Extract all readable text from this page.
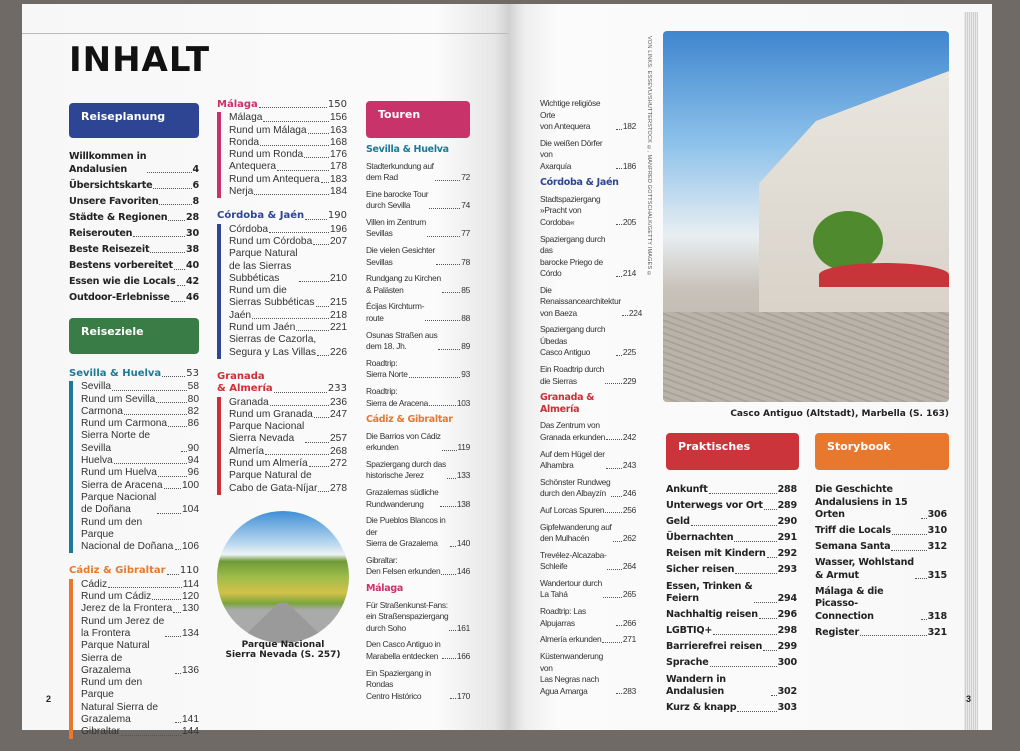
INHALT
Reiseplanung
Willkommen in
Andalusien	4
Übersichtskarte	6
Unsere Favoriten	8
Städte & Regionen 28
Reiserouten	30
Beste Reisezeit	38
Bestens vorbereitet 40
Essen wie die Locals 42
Outdoor-Erlebnisse 46
Reiseziele
Sevilla & Huelva	53
Sevilla	58
Rund um Sevilla	80
Carmona	82
Rund um Carmona 86
Sierra Norte de Sevilla	90
Huelva	94
Rund um Huelva	96
Sierra de Aracena 100
Parque Nacional
de Doñana	104
Rund um den Parque
Nacional de Doñana 106
Cádiz & Gibraltar 110
Cádiz	114
Rund um Cádiz	120
Jerez de la Frontera 130
Rund um Jerez de
la Frontera	134
Parque Natural
Sierra de Grazalema	136
Rund um den Parque
Natural Sierra de
Grazalema	141
Gibraltar	144
Málaga	150
Málaga	156
Rund um Málaga 163
Ronda	168
Rund um Ronda	176
Antequera	178
Rund um Antequera 183
Nerja	184
Córdoba & Jaén 190
Córdoba	196
Rund um Córdoba 207
Parque Natural
de las Sierras
Subbéticas	210
Rund um die
Sierras Subbéticas 215
Jaén	218
Rund um Jaén	221
Sierras de Cazorla,
Segura y Las Villas 226
Granada
& Almería	233
Granada	236
Rund um Granada 247
Parque Nacional
Sierra Nevada	257
Almería	268
Rund um Almería 272
Parque Natural de
Cabo de Gata-Níjar 278
Parque Nacional
Sierra Nevada (S. 257)
Touren
Sevilla & Huelva
Stadterkundung auf
dem Rad	72
Eine barocke Tour
durch Sevilla	74
Villen im Zentrum
Sevillas	77
Die vielen Gesichter
Sevillas	78
Rundgang zu Kirchen
& Palästen	85
Écijas Kirchturm-
route	88
Osunas Straßen aus
dem 18. Jh.	89
Roadtrip:
Sierra Norte	93
Roadtrip:
Sierra de Aracena	103
Cádiz & Gibraltar
Die Barrios von Cádiz
erkunden	119
Spaziergang durch das
historische Jerez	133
Grazalemas südliche
Rundwanderung	138
Die Pueblos Blancos in der
Sierra de Grazalema	140
Gibraltar:
Den Felsen erkunden 146
Málaga
Für Straßenkunst-Fans:
ein Straßenspaziergang
durch Soho	161
Den Casco Antiguo in
Marabella entdecken 166
Ein Spaziergang in Rondas
Centro Histórico	170
Wichtige religiöse Orte
von Antequera	182
Die weißen Dörfer von
Axarquía	186
Córdoba & Jaén
Stadtspaziergang
»Pracht von Cordoba«	205
Spaziergang durch das
barocke Priego de Córdo	214
Die Renaissancearchitektur
von Baeza	224
Spaziergang durch Úbedas
Casco Antiguo	225
Ein Roadtrip durch
die Sierras	229
Granada & Almería
Das Zentrum von
Granada erkunden 242
Auf dem Hügel der
Alhambra	243
Schönster Rundweg
durch den Albayzín	246
Auf Lorcas Spuren 256
Gipfelwanderung auf
den Mulhacén	262
Trevélez-Alcazaba-
Schleife	264
Wandertour durch
La Tahá	265
Roadtrip: Las Alpujarras	266
Almería erkunden	271
Küstenwanderung von
Las Negras nach
Agua Amarga	283
VON LINKS: ESSEVU/SHUTTERSTOCK ©, MANFRED GOTTSCHALK/GETTY IMAGES ©
Casco Antiguo (Altstadt), Marbella (S. 163)
Praktisches
Ankunft	288
Unterwegs vor Ort 289
Geld	290
Übernachten	291
Reisen mit Kindern 292
Sicher reisen	293
Essen, Trinken &
Feiern	294
Nachhaltig reisen 296
LGBTIQ+	298
Barrierefrei reisen 299
Sprache	300
Wandern in Andalusien	302
Kurz & knapp	303
Storybook
Die Geschichte
Andalusiens in 15 Orten	306
Triff die Locals	310
Semana Santa	312
Wasser, Wohlstand
& Armut	315
Málaga & die Picasso-
Connection	318
Register	321
2	3
